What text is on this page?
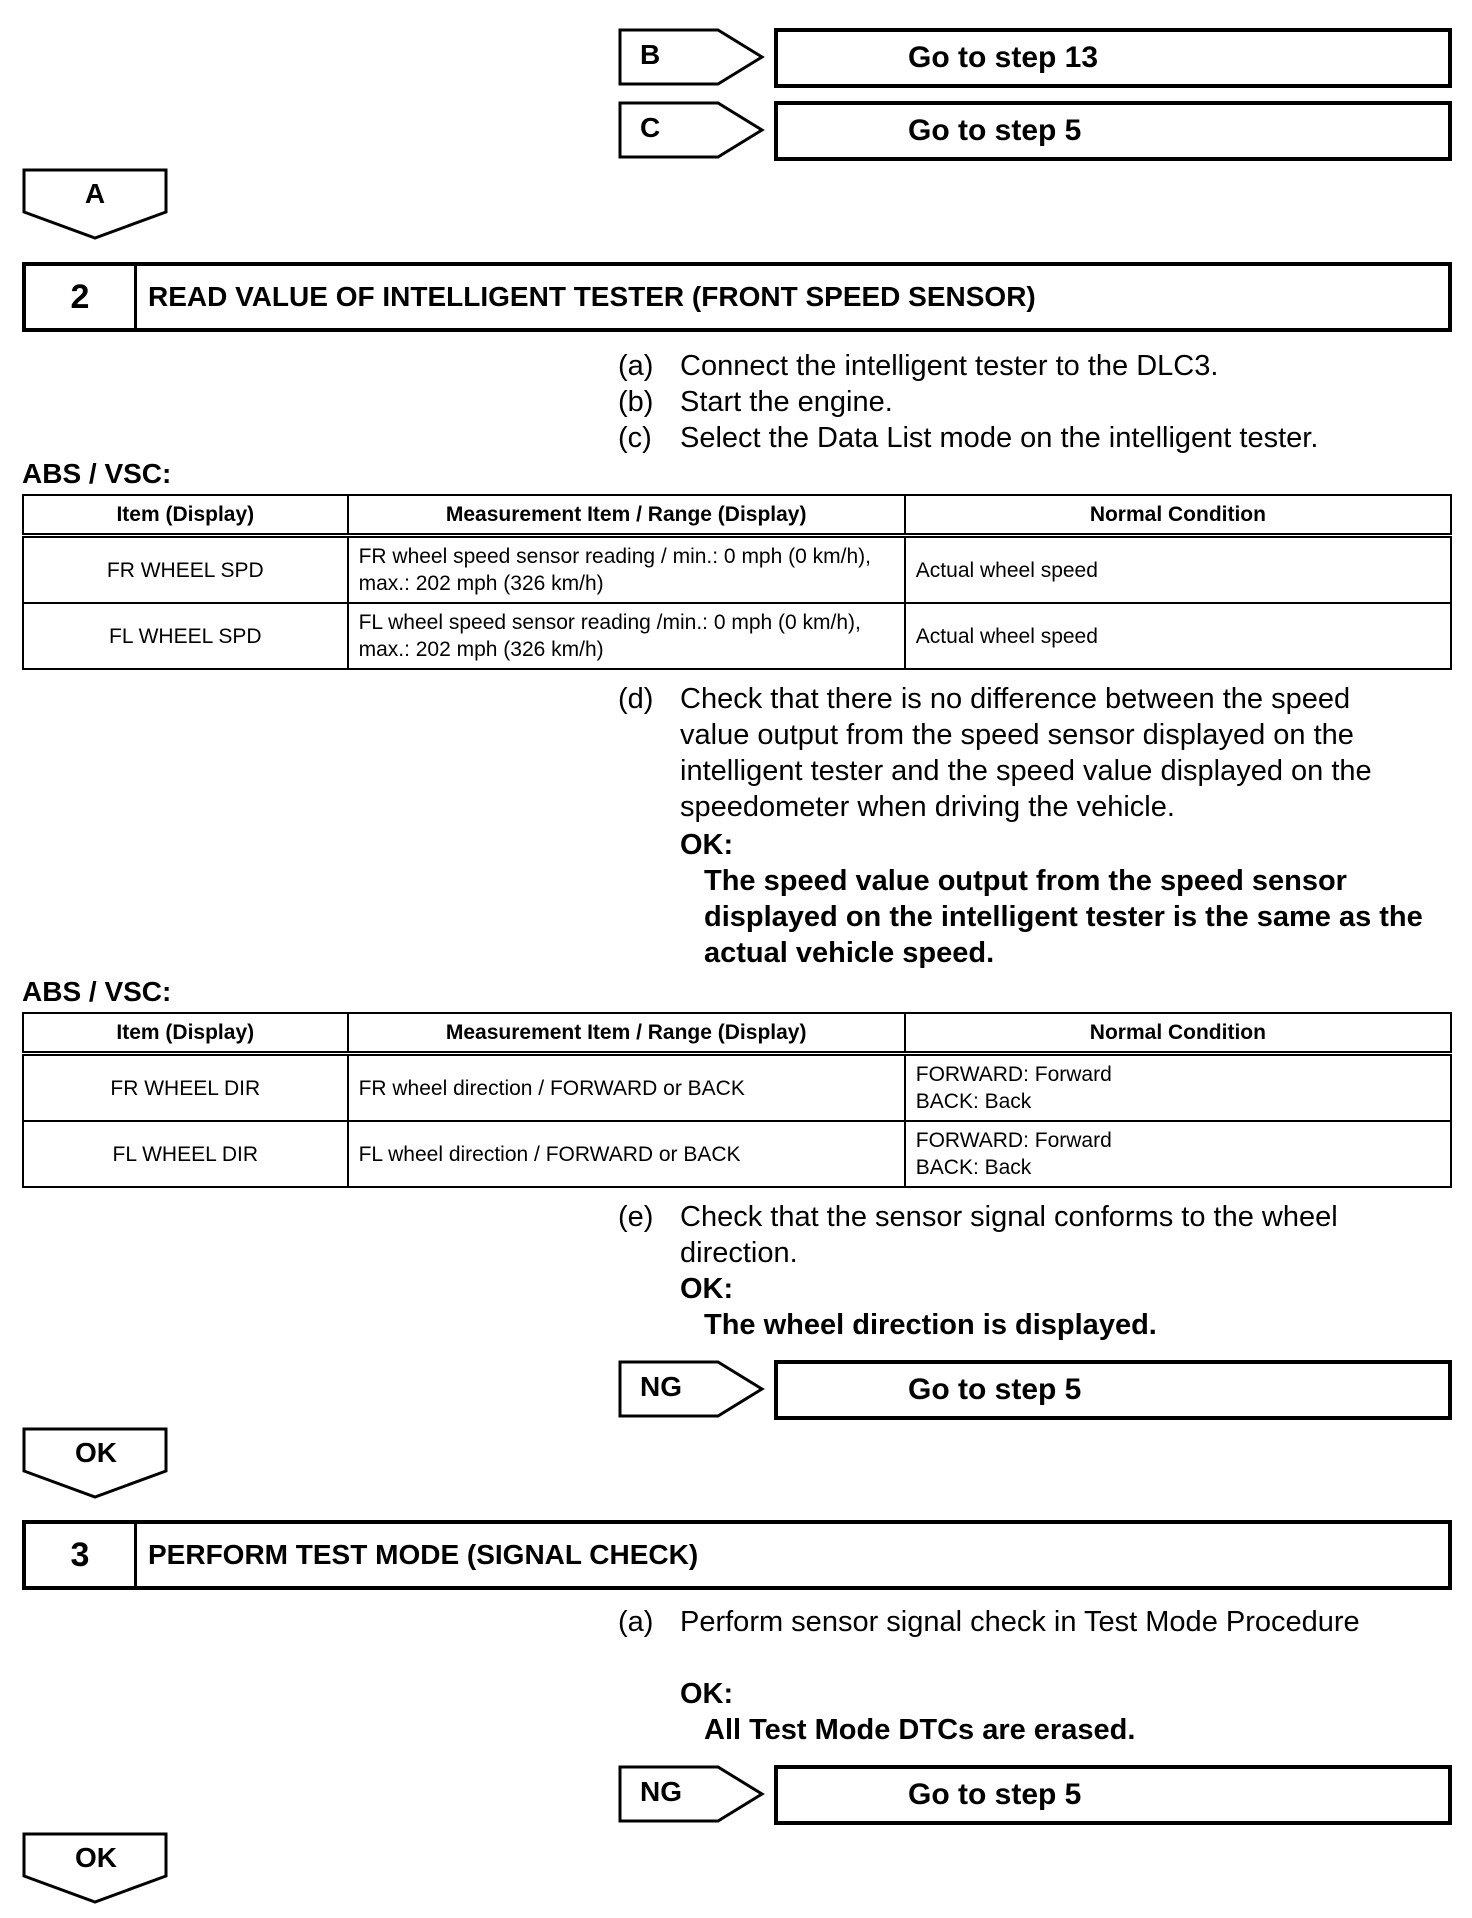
B	Go to step 13
C	Go to step 5
A
2	READ VALUE OF INTELLIGENT TESTER (FRONT SPEED SENSOR)
(a) Connect the intelligent tester to the DLC3.
(b) Start the engine.
(c) Select the Data List mode on the intelligent tester.
ABS / VSC:
Item (Display)	Measurement Item / Range (Display)	Normal Condition
FR WHEEL SPD	FR wheel speed sensor reading / min.: 0 mph (0 km/h), max.: 202 mph (326 km/h)	Actual wheel speed
FL WHEEL SPD	FL wheel speed sensor reading /min.: 0 mph (0 km/h), max.: 202 mph (326 km/h)	Actual wheel speed
(d) Check that there is no difference between the speed value output from the speed sensor displayed on the intelligent tester and the speed value displayed on the speedometer when driving the vehicle.
OK:
The speed value output from the speed sensor displayed on the intelligent tester is the same as the actual vehicle speed.
ABS / VSC:
Item (Display)	Measurement Item / Range (Display)	Normal Condition
FR WHEEL DIR	FR wheel direction / FORWARD or BACK	FORWARD: Forward
BACK: Back
FL WHEEL DIR	FL wheel direction / FORWARD or BACK	FORWARD: Forward
BACK: Back
(e) Check that the sensor signal conforms to the wheel direction.
OK:
The wheel direction is displayed.
NG	Go to step 5
OK
3	PERFORM TEST MODE (SIGNAL CHECK)
(a) Perform sensor signal check in Test Mode Procedure
OK:
All Test Mode DTCs are erased.
NG	Go to step 5
OK
